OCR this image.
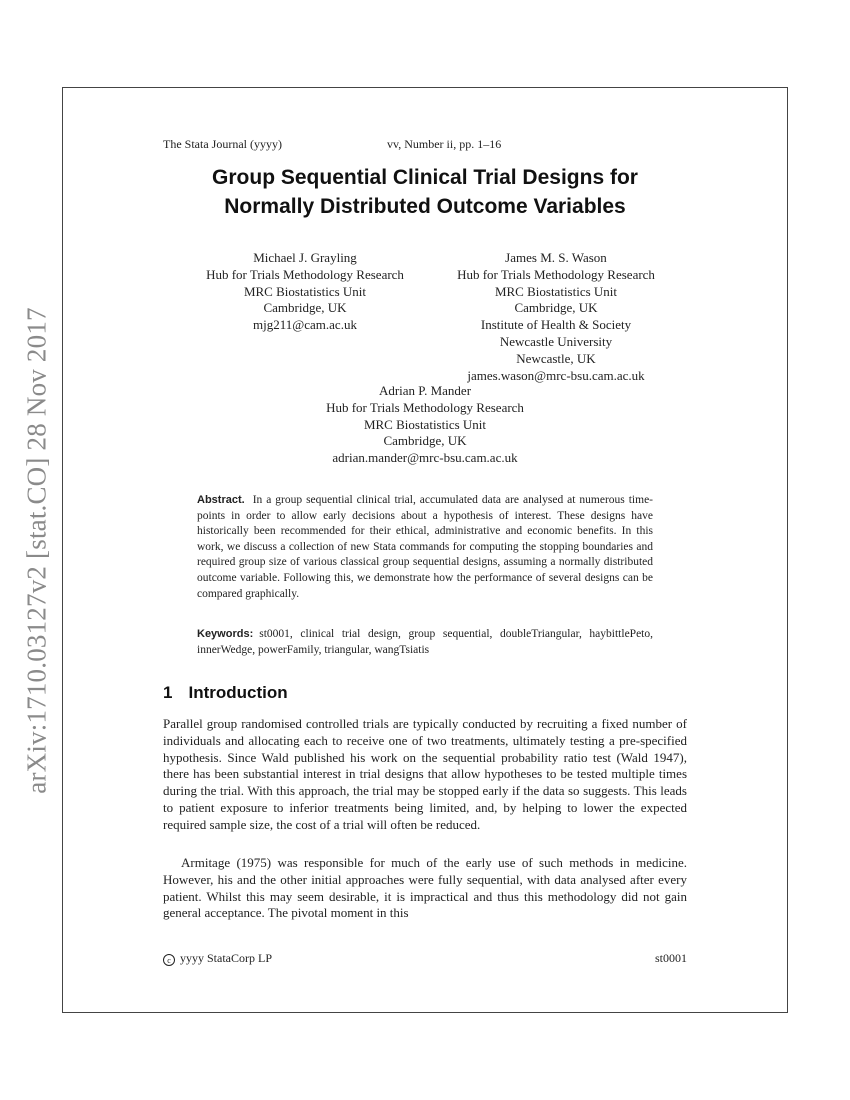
arXiv:1710.03127v2 [stat.CO] 28 Nov 2017
The Stata Journal (yyyy)	vv, Number ii, pp. 1–16
Group Sequential Clinical Trial Designs for
Normally Distributed Outcome Variables
Michael J. Grayling
Hub for Trials Methodology Research
MRC Biostatistics Unit
Cambridge, UK
mjg211@cam.ac.uk
James M. S. Wason
Hub for Trials Methodology Research
MRC Biostatistics Unit
Cambridge, UK
Institute of Health & Society
Newcastle University
Newcastle, UK
james.wason@mrc-bsu.cam.ac.uk
Adrian P. Mander
Hub for Trials Methodology Research
MRC Biostatistics Unit
Cambridge, UK
adrian.mander@mrc-bsu.cam.ac.uk
Abstract. In a group sequential clinical trial, accumulated data are analysed at numerous time-points in order to allow early decisions about a hypothesis of interest. These designs have historically been recommended for their ethical, administrative and economic benefits. In this work, we discuss a collection of new Stata commands for computing the stopping boundaries and required group size of various classical group sequential designs, assuming a normally distributed outcome variable. Following this, we demonstrate how the performance of several designs can be compared graphically.
Keywords: st0001, clinical trial design, group sequential, doubleTriangular, haybittlePeto, innerWedge, powerFamily, triangular, wangTsiatis
1 Introduction

Parallel group randomised controlled trials are typically conducted by recruiting a fixed number of individuals and allocating each to receive one of two treatments, ultimately testing a pre-specified hypothesis. Since Wald published his work on the sequential probability ratio test (Wald 1947), there has been substantial interest in trial designs that allow hypotheses to be tested multiple times during the trial. With this approach, the trial may be stopped early if the data so suggests. This leads to patient exposure to inferior treatments being limited, and, by helping to lower the expected required sample size, the cost of a trial will often be reduced.

Armitage (1975) was responsible for much of the early use of such methods in medicine. However, his and the other initial approaches were fully sequential, with data analysed after every patient. Whilst this may seem desirable, it is impractical and thus this methodology did not gain general acceptance. The pivotal moment in this

c yyyy StataCorp LP	st0001
